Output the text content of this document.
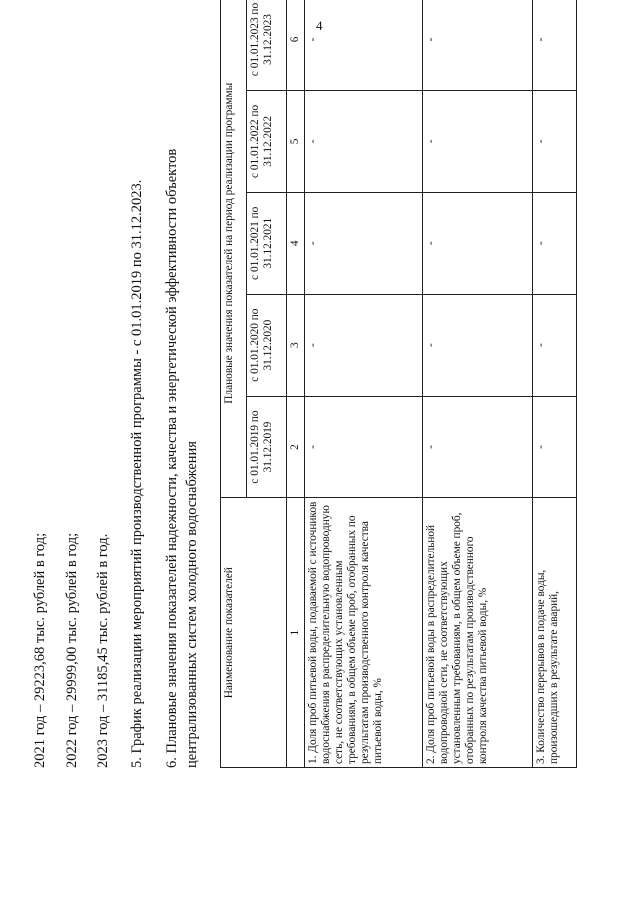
4
2021 год – 29223,68 тыс. рублей в год; 2022 год – 29999,00 тыс. рублей в год; 2023 год – 31185,45 тыс. рублей в год. 5. График реализации мероприятий производственной программы - с 01.01.2019 по 31.12.2023. 6. Плановые значения показателей надежности, качества и энергетической эффективности объектов централизованных систем холодного водоснабжения Наименование показателей	Плановые значения показателей на период реализации программы				
	с 01.01.2019 по 31.12.2019	с 01.01.2020 по 31.12.2020	с 01.01.2021 по 31.12.2021	с 01.01.2022 по 31.12.2022	с 01.01.2023 по 31.12.2023
1	2	3	4	5	6
1. Доля проб питьевой воды, подаваемой с источников водоснабжения в распределительную водопроводную сеть, не соответствующих установленным требованиям, в общем объеме проб, отобранных по результатам производственного контроля качества питьевой воды, %	-	-	-	-	-
2. Доля проб питьевой воды в распределительной водопроводной сети, не соответствующих установленным требованиям, в общем объеме проб, отобранных по результатам производственного контроля качества питьевой воды, %	-	-	-	-	-
3. Количество перерывов в подаче воды, произошедших в результате аварий,	-	-	-	-	-
